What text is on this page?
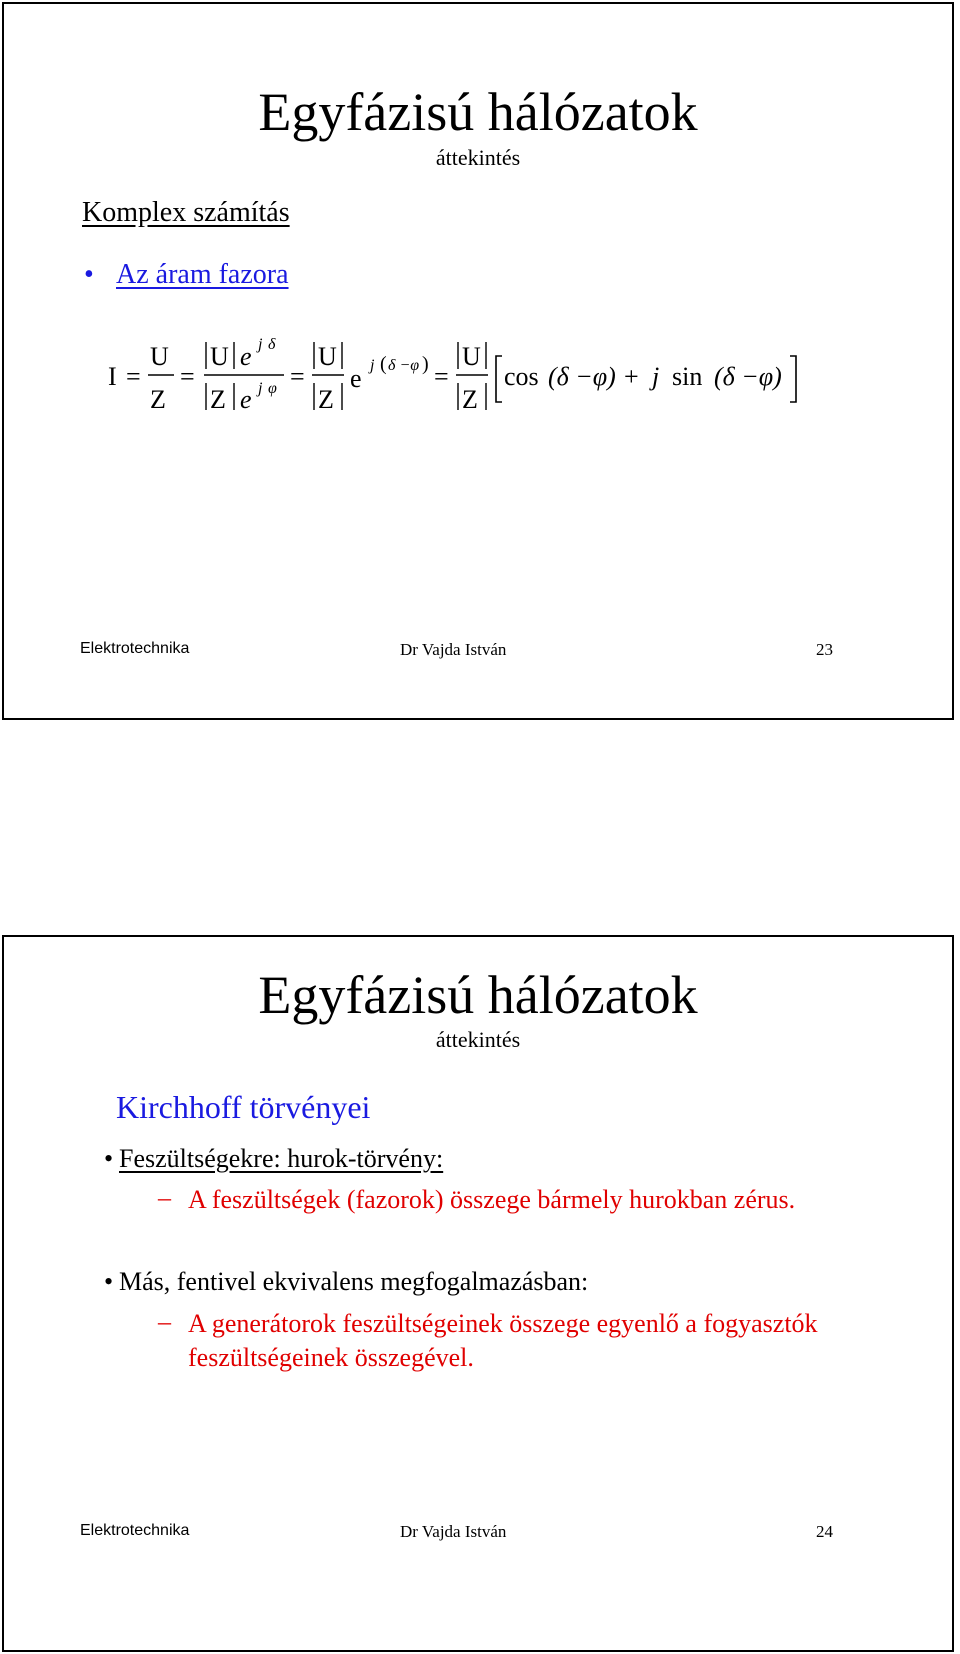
Egyfázisú hálózatok
áttekintés
Komplex számítás
• Az áram fazora
I =
U
Z
=
U e j δ
Z e j φ =
U
Z
e j ( δ −φ ) =
U
Z
cos (δ −φ) + j sin (δ −φ)
Elektrotechnika	Dr Vajda István	23
Egyfázisú hálózatok
áttekintés
Kirchhoff törvényei
• Feszültségekre: hurok-törvény:
– A feszültségek (fazorok) összege bármely hurokban zérus.
• Más, fentivel ekvivalens megfogalmazásban:
– A generátorok feszültségeinek összege egyenlő a fogyasztók feszültségeinek összegével.
Elektrotechnika	Dr Vajda István	24
